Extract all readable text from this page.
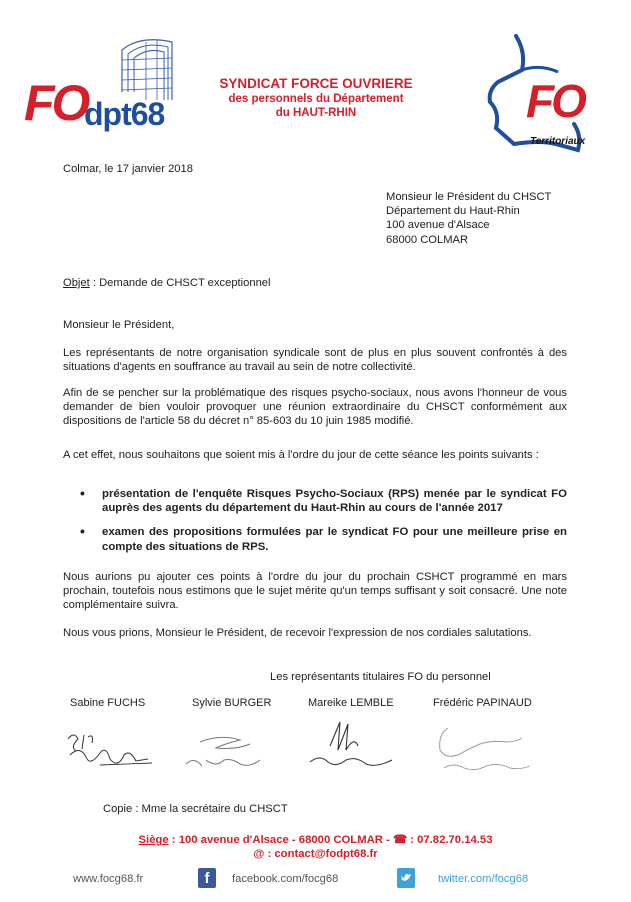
FO
dpt68
SYNDICAT FORCE OUVRIERE
des personnels du Département
du HAUT-RHIN	FO
Territoriaux
Colmar, le 17 janvier 2018
Monsieur le Président du CHSCT
Département du Haut-Rhin
100 avenue d'Alsace
68000 COLMAR
Objet : Demande de CHSCT exceptionnel
Monsieur le Président,
Les représentants de notre organisation syndicale sont de plus en plus souvent confrontés à des situations d'agents en souffrance au travail au sein de notre collectivité.
Afin de se pencher sur la problématique des risques psycho-sociaux, nous avons l'honneur de vous demander de bien vouloir provoquer une réunion extraordinaire du CHSCT conformément aux dispositions de l'article 58 du décret n° 85-603 du 10 juin 1985 modifié.
A cet effet, nous souhaitons que soient mis à l'ordre du jour de cette séance les points suivants :
• présentation de l'enquête Risques Psycho-Sociaux (RPS) menée par le syndicat FO auprès des agents du département du Haut-Rhin au cours de l'année 2017
• examen des propositions formulées par le syndicat FO pour une meilleure prise en compte des situations de RPS.
Nous aurions pu ajouter ces points à l'ordre du jour du prochain CSHCT programmé en mars prochain, toutefois nous estimons que le sujet mérite qu'un temps suffisant y soit consacré. Une note complémentaire suivra.
Nous vous prions, Monsieur le Président, de recevoir l'expression de nos cordiales salutations.
Les représentants titulaires FO du personnel
Sabine FUCHS	Sylvie BURGER	Mareike LEMBLE	Frédéric PAPINAUD
Copie : Mme la secrétaire du CHSCT
Siège : 100 avenue d'Alsace - 68000 COLMAR - ☎ : 07.82.70.14.53
@ : contact@fodpt68.fr
www.focg68.fr	f	facebook.com/focg68	twitter.com/focg68
